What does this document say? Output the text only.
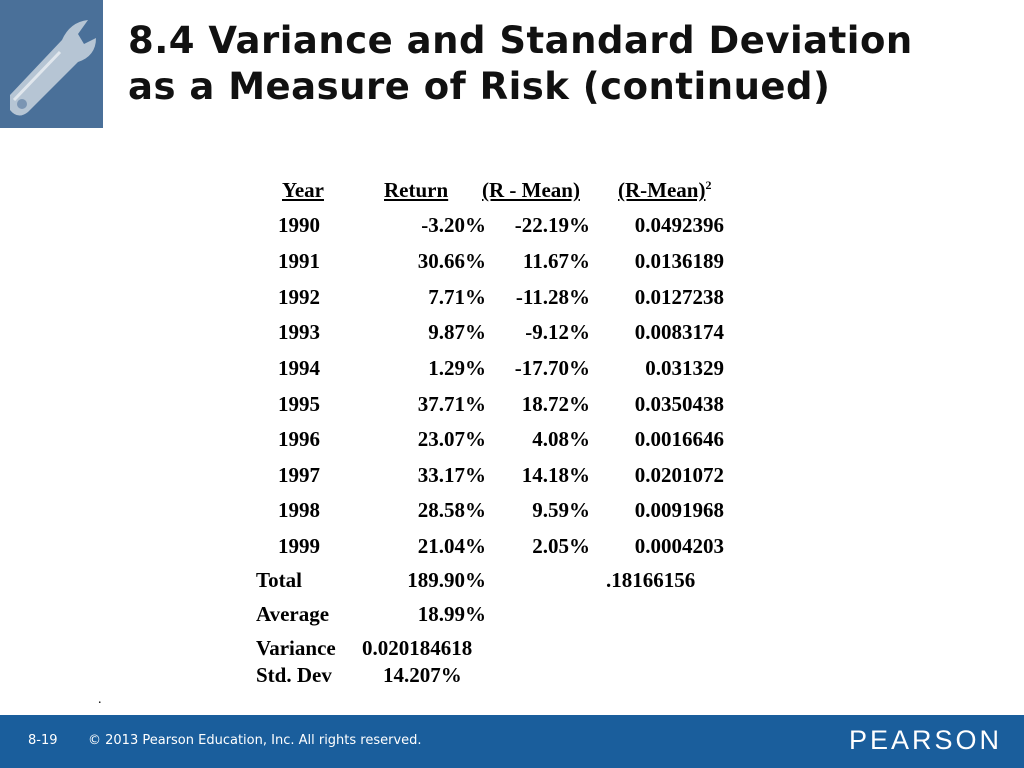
8.4 Variance and Standard Deviation
as a Measure of Risk (continued)
Year	Return (R - Mean) (R-Mean)$^2$
1990	-3.20% -22.19% 0.0492396
1991	30.66% 11.67% 0.0136189
1992	7.71% -11.28% 0.0127238
1993	9.87% -9.12% 0.0083174
1994	1.29% -17.70%	0.031329
1995	37.71% 18.72% 0.0350438
1996	23.07% 4.08% 0.0016646
1997	33.17% 14.18% 0.0201072
1998	28.58% 9.59% 0.0091968
1999	21.04% 2.05% 0.0004203
Total	189.90%	.18166156
Average	18.99%
Variance 0.020184618
Std. Dev 14.207%
.
8-19 © 2013 Pearson Education, Inc. All rights reserved.	PEARSON
